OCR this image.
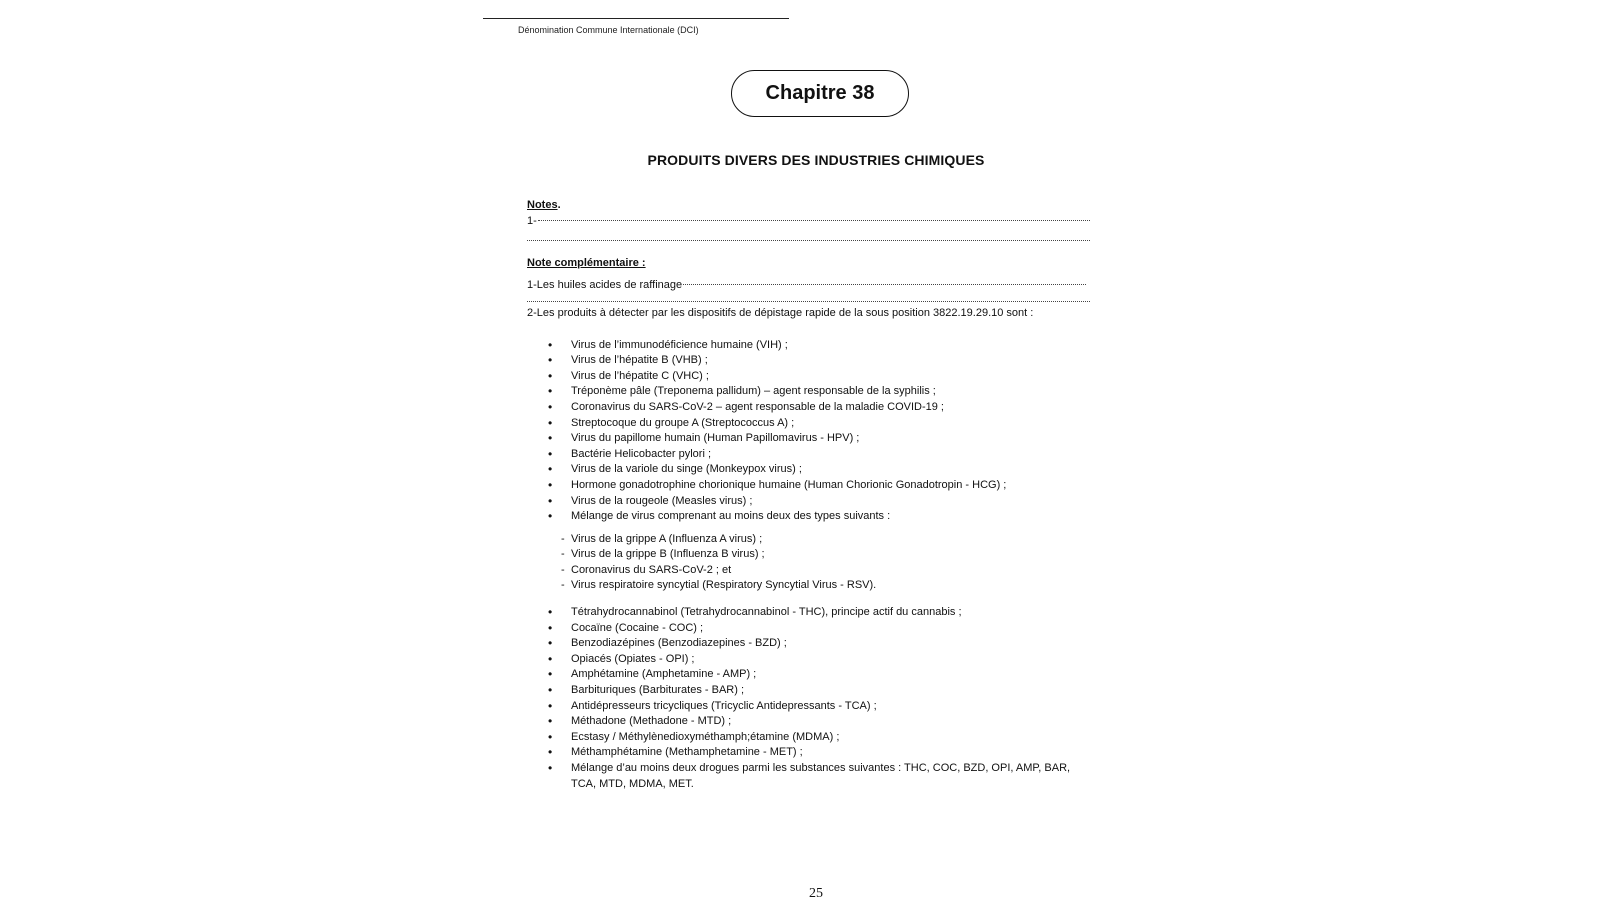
Dénomination Commune Internationale (DCI)
Chapitre 38
PRODUITS DIVERS DES INDUSTRIES CHIMIQUES
Notes.
1-
Note complémentaire :
1-Les huiles acides de raffinage
2-Les produits à détecter par les dispositifs de dépistage rapide de la sous position 3822.19.29.10 sont :
• Virus de l’immunodéficience humaine (VIH) ;
• Virus de l’hépatite B (VHB) ;
• Virus de l’hépatite C (VHC) ;
• Tréponème pâle (Treponema pallidum) – agent responsable de la syphilis ;
• Coronavirus du SARS-CoV-2 – agent responsable de la maladie COVID-19 ;
• Streptocoque du groupe A (Streptococcus A) ;
• Virus du papillome humain (Human Papillomavirus - HPV) ;
• Bactérie Helicobacter pylori ;
• Virus de la variole du singe (Monkeypox virus) ;
• Hormone gonadotrophine chorionique humaine (Human Chorionic Gonadotropin - HCG) ;
• Virus de la rougeole (Measles virus) ;
• Mélange de virus comprenant au moins deux des types suivants :
- Virus de la grippe A (Influenza A virus) ;
- Virus de la grippe B (Influenza B virus) ;
- Coronavirus du SARS-CoV-2 ; et
- Virus respiratoire syncytial (Respiratory Syncytial Virus - RSV).
• Tétrahydrocannabinol (Tetrahydrocannabinol - THC), principe actif du cannabis ;
• Cocaïne (Cocaine - COC) ;
• Benzodiazépines (Benzodiazepines - BZD) ;
• Opiacés (Opiates - OPI) ;
• Amphétamine (Amphetamine - AMP) ;
• Barbituriques (Barbiturates - BAR) ;
• Antidépresseurs tricycliques (Tricyclic Antidepressants - TCA) ;
• Méthadone (Methadone - MTD) ;
• Ecstasy / Méthylènedioxyméthamph;étamine (MDMA) ;
• Méthamphétamine (Methamphetamine - MET) ;
• Mélange d’au moins deux drogues parmi les substances suivantes : THC, COC, BZD, OPI, AMP, BAR, TCA, MTD, MDMA, MET.
25
